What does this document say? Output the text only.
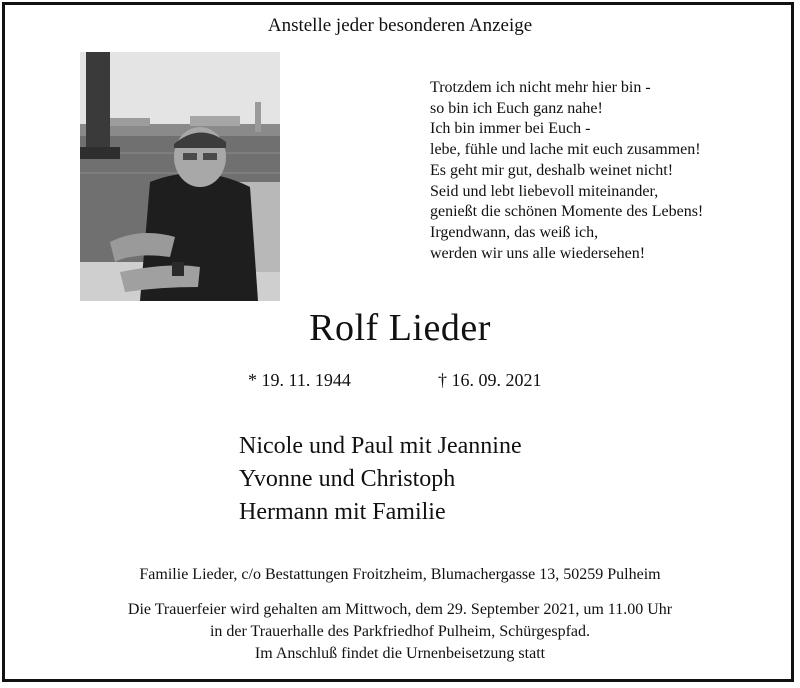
Anstelle jeder besonderen Anzeige
Trotzdem ich nicht mehr hier bin -
so bin ich Euch ganz nahe!
Ich bin immer bei Euch -
lebe, fühle und lache mit euch zusammen!
Es geht mir gut, deshalb weinet nicht!
Seid und lebt liebevoll miteinander,
genießt die schönen Momente des Lebens!
Irgendwann, das weiß ich,
werden wir uns alle wiedersehen!
Rolf Lieder
* 19. 11. 1944	† 16. 09. 2021
Nicole und Paul mit Jeannine
Yvonne und Christoph
Hermann mit Familie
Familie Lieder, c/o Bestattungen Froitzheim, Blumachergasse 13, 50259 Pulheim
Die Trauerfeier wird gehalten am Mittwoch, dem 29. September 2021, um 11.00 Uhr
in der Trauerhalle des Parkfriedhof Pulheim, Schürgespfad.
Im Anschluß findet die Urnenbeisetzung statt
